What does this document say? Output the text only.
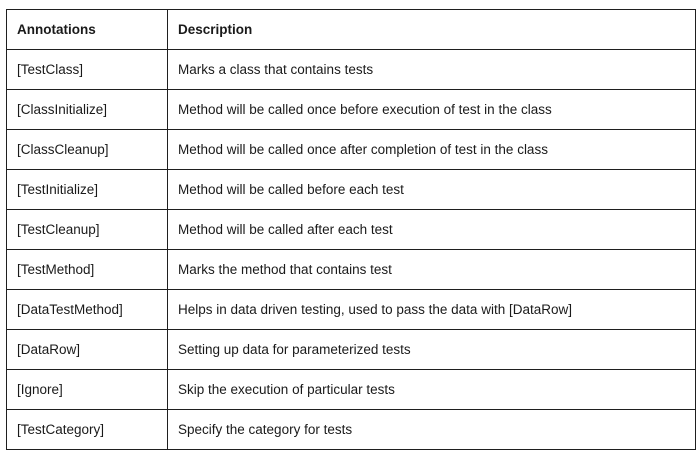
Annotations	Description
[TestClass]	Marks a class that contains tests
[ClassInitialize]	Method will be called once before execution of test in the class
[ClassCleanup]	Method will be called once after completion of test in the class
[TestInitialize]	Method will be called before each test
[TestCleanup]	Method will be called after each test
[TestMethod]	Marks the method that contains test
[DataTestMethod]	Helps in data driven testing, used to pass the data with [DataRow]
[DataRow]	Setting up data for parameterized tests
[Ignore]	Skip the execution of particular tests
[TestCategory]	Specify the category for tests
